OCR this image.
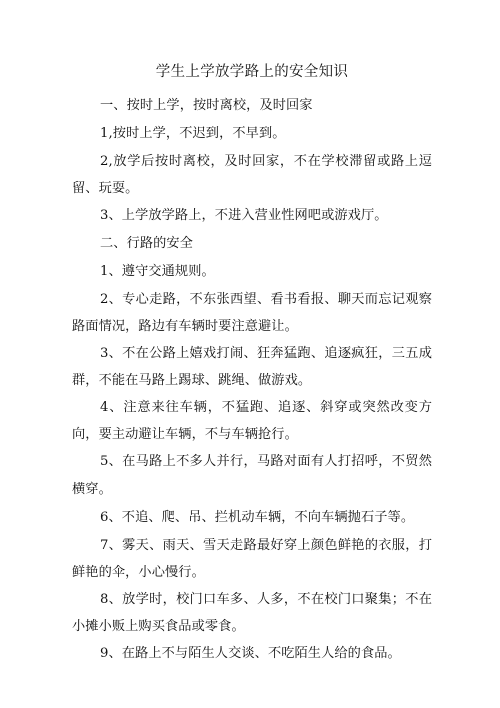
学生上学放学路上的安全知识

一、按时上学，按时离校，及时回家

1,按时上学，不迟到，不早到。

2,放学后按时离校，及时回家，不在学校滞留或路上逗留、玩耍。

3、上学放学路上，不进入营业性网吧或游戏厅。

二、行路的安全

1、遵守交通规则。

2、专心走路，不东张西望、看书看报、聊天而忘记观察路面情况，路边有车辆时要注意避让。

3、不在公路上嬉戏打闹、狂奔猛跑、追逐疯狂，三五成群，不能在马路上踢球、跳绳、做游戏。

4、注意来往车辆，不猛跑、追逐、斜穿或突然改变方向，要主动避让车辆，不与车辆抢行。

5、在马路上不多人并行，马路对面有人打招呼，不贸然横穿。

6、不追、爬、吊、拦机动车辆，不向车辆抛石子等。

7、雾天、雨天、雪天走路最好穿上颜色鲜艳的衣服，打鲜艳的伞，小心慢行。

8、放学时，校门口车多、人多，不在校门口聚集；不在小摊小贩上购买食品或零食。

9、在路上不与陌生人交谈、不吃陌生人给的食品。
